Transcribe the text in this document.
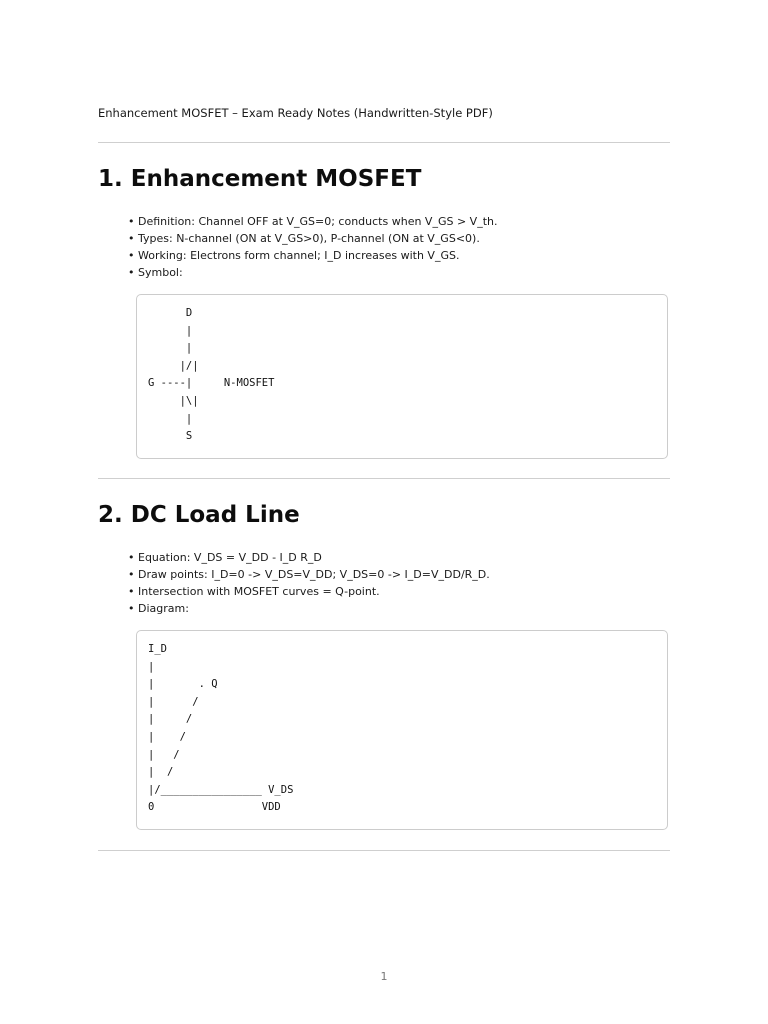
Enhancement MOSFET – Exam Ready Notes (Handwritten-Style PDF)
1. Enhancement MOSFET
• Definition: Channel OFF at V_GS=0; conducts when V_GS > V_th.
• Types: N-channel (ON at V_GS>0), P-channel (ON at V_GS<0).
• Working: Electrons form channel; I_D increases with V_GS.
• Symbol:
D
|
|
|/|
G ----|     N-MOSFET
|\|
|
S
2. DC Load Line
• Equation: V_DS = V_DD - I_D R_D
• Draw points: I_D=0 -> V_DS=V_DD; V_DS=0 -> I_D=V_DD/R_D.
• Intersection with MOSFET curves = Q-point.
• Diagram:
I_D
|
|       . Q
|      /
|     /
|    /
|   /
|  /
|/________________ V_DS
0                 VDD
1
